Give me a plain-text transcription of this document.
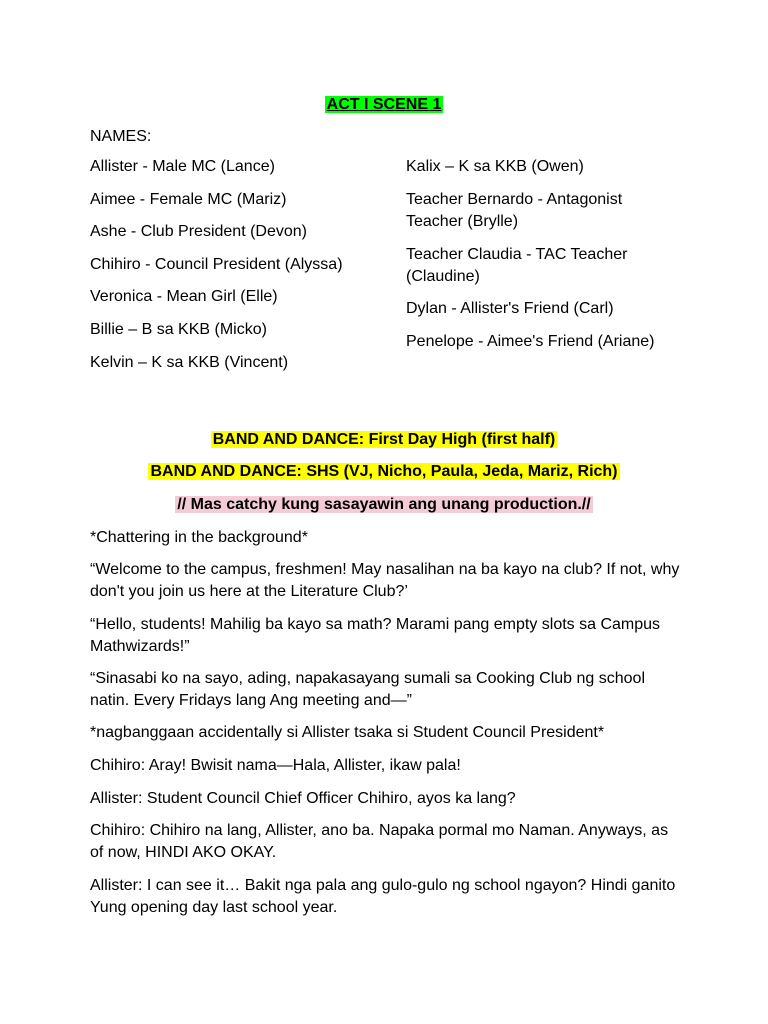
ACT I SCENE 1
NAMES:
Allister - Male MC (Lance)
Aimee - Female MC (Mariz)
Ashe - Club President (Devon)
Chihiro - Council President (Alyssa)
Veronica - Mean Girl (Elle)
Billie – B sa KKB (Micko)
Kelvin – K sa KKB (Vincent)
Kalix – K sa KKB (Owen)
Teacher Bernardo - Antagonist Teacher (Brylle)
Teacher Claudia - TAC Teacher (Claudine)
Dylan - Allister's Friend (Carl)
Penelope - Aimee's Friend (Ariane)
BAND AND DANCE: First Day High (first half)
BAND AND DANCE: SHS (VJ, Nicho, Paula, Jeda, Mariz, Rich)
// Mas catchy kung sasayawin ang unang production.//
*Chattering in the background*
“Welcome to the campus, freshmen! May nasalihan na ba kayo na club? If not, why don't you join us here at the Literature Club?’
“Hello, students! Mahilig ba kayo sa math? Marami pang empty slots sa Campus Mathwizards!”
“Sinasabi ko na sayo, ading, napakasayang sumali sa Cooking Club ng school natin. Every Fridays lang Ang meeting and—”
*nagbanggaan accidentally si Allister tsaka si Student Council President*
Chihiro: Aray! Bwisit nama—Hala, Allister, ikaw pala!
Allister: Student Council Chief Officer Chihiro, ayos ka lang?
Chihiro: Chihiro na lang, Allister, ano ba. Napaka pormal mo Naman. Anyways, as of now, HINDI AKO OKAY.
Allister: I can see it… Bakit nga pala ang gulo-gulo ng school ngayon? Hindi ganito Yung opening day last school year.
